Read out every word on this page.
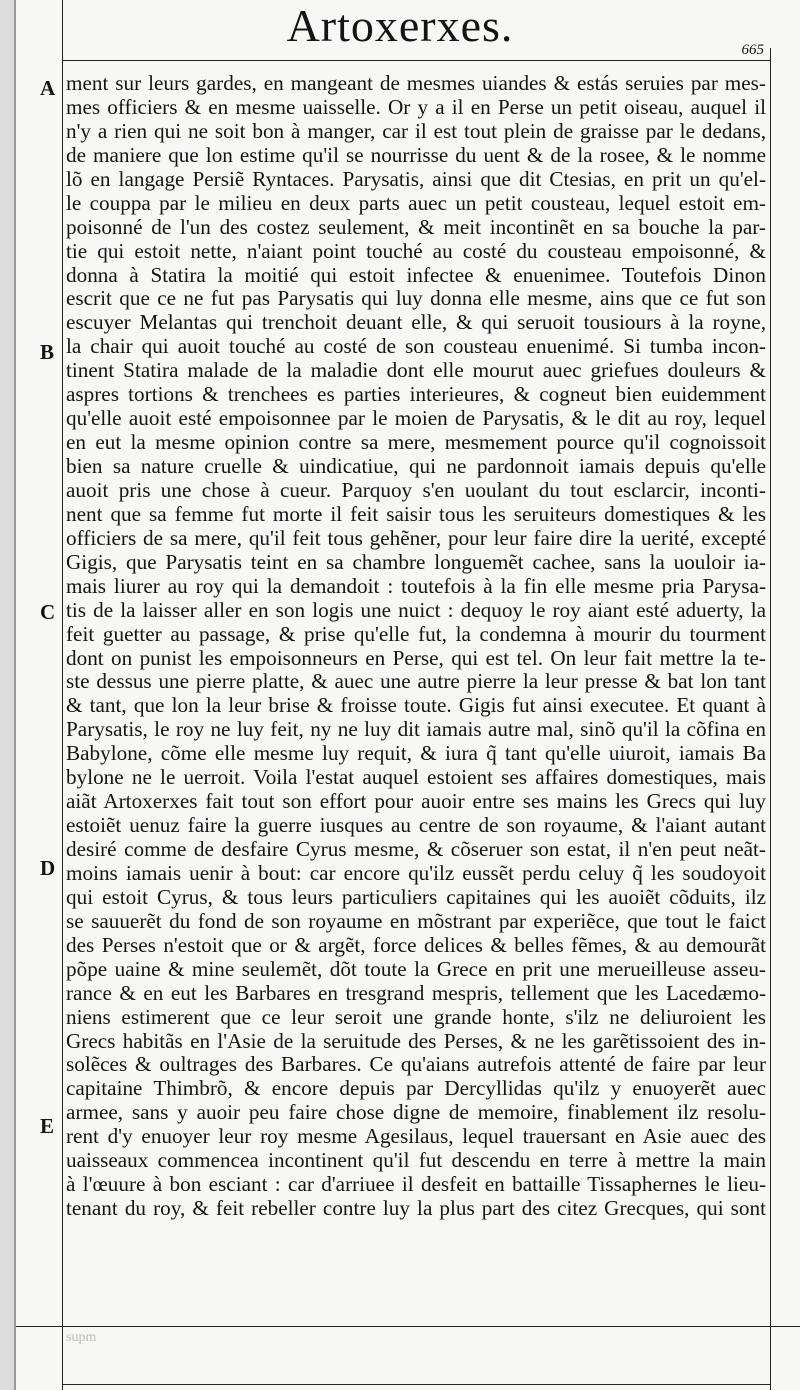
Artoxerxes.	665
A
B
C
D
E
ment sur leurs gardes, en mangeant de mesmes uiandes & estás seruies par mes-
mes officiers & en mesme uaisselle. Or y a il en Perse un petit oiseau, auquel il
n'y a rien qui ne soit bon à manger, car il est tout plein de graisse par le dedans,
de maniere que lon estime qu'il se nourrisse du uent & de la rosee, & le nomme
lõ en langage Persiẽ Ryntaces. Parysatis, ainsi que dit Ctesias, en prit un qu'el-
le couppa par le milieu en deux parts auec un petit cousteau, lequel estoit em-
poisonné de l'un des costez seulement, & meit incontinẽt en sa bouche la par-
tie qui estoit nette, n'aiant point touché au costé du cousteau empoisonné, &
donna à Statira la moitié qui estoit infectee & enuenimee. Toutefois Dinon
escrit que ce ne fut pas Parysatis qui luy donna elle mesme, ains que ce fut son
escuyer Melantas qui trenchoit deuant elle, & qui seruoit tousiours à la royne,
la chair qui auoit touché au costé de son cousteau enuenimé. Si tumba incon-
tinent Statira malade de la maladie dont elle mourut auec griefues douleurs &
aspres tortions & trenchees es parties interieures, & cogneut bien euidemment
qu'elle auoit esté empoisonnee par le moien de Parysatis, & le dit au roy, lequel
en eut la mesme opinion contre sa mere, mesmement pource qu'il cognoissoit
bien sa nature cruelle & uindicatiue, qui ne pardonnoit iamais depuis qu'elle
auoit pris une chose à cueur. Parquoy s'en uoulant du tout esclarcir, inconti-
nent que sa femme fut morte il feit saisir tous les seruiteurs domestiques & les
officiers de sa mere, qu'il feit tous gehẽner, pour leur faire dire la uerité, excepté
Gigis, que Parysatis teint en sa chambre longuemẽt cachee, sans la uouloir ia-
mais liurer au roy qui la demandoit : toutefois à la fin elle mesme pria Parysa-
tis de la laisser aller en son logis une nuict : dequoy le roy aiant esté aduerty, la
feit guetter au passage, & prise qu'elle fut, la condemna à mourir du tourment
dont on punist les empoisonneurs en Perse, qui est tel. On leur fait mettre la te-
ste dessus une pierre platte, & auec une autre pierre la leur presse & bat lon tant
& tant, que lon la leur brise & froisse toute. Gigis fut ainsi executee. Et quant à
Parysatis, le roy ne luy feit, ny ne luy dit iamais autre mal, sinõ qu'il la cõfina en
Babylone, cõme elle mesme luy requit, & iura q̃ tant qu'elle uiuroit, iamais Ba
bylone ne le uerroit. Voila l'estat auquel estoient ses affaires domestiques, mais
aiãt Artoxerxes fait tout son effort pour auoir entre ses mains les Grecs qui luy
estoiẽt uenuz faire la guerre iusques au centre de son royaume, & l'aiant autant
desiré comme de desfaire Cyrus mesme, & cõseruer son estat, il n'en peut neãt-
moins iamais uenir à bout: car encore qu'ilz eussẽt perdu celuy q̃ les soudoyoit
qui estoit Cyrus, & tous leurs particuliers capitaines qui les auoiẽt cõduits, ilz
se sauuerẽt du fond de son royaume en mõstrant par experiẽce, que tout le faict
des Perses n'estoit que or & argẽt, force delices & belles fẽmes, & au demourãt
põpe uaine & mine seulemẽt, dõt toute la Grece en prit une merueilleuse asseu-
rance & en eut les Barbares en tresgrand mespris, tellement que les Lacedæmo-
niens estimerent que ce leur seroit une grande honte, s'ilz ne deliuroient les
Grecs habitãs en l'Asie de la seruitude des Perses, & ne les garẽtissoient des in-
solẽces & oultrages des Barbares. Ce qu'aians autrefois attenté de faire par leur
capitaine Thimbrõ, & encore depuis par Dercyllidas qu'ilz y enuoyerẽt auec
armee, sans y auoir peu faire chose digne de memoire, finablement ilz resolu-
rent d'y enuoyer leur roy mesme Agesilaus, lequel trauersant en Asie auec des
uaisseaux commencea incontinent qu'il fut descendu en terre à mettre la main
à l'œuure à bon esciant : car d'arriuee il desfeit en battaille Tissaphernes le lieu-
tenant du roy, & feit rebeller contre luy la plus part des citez Grecques, qui sont
supm
